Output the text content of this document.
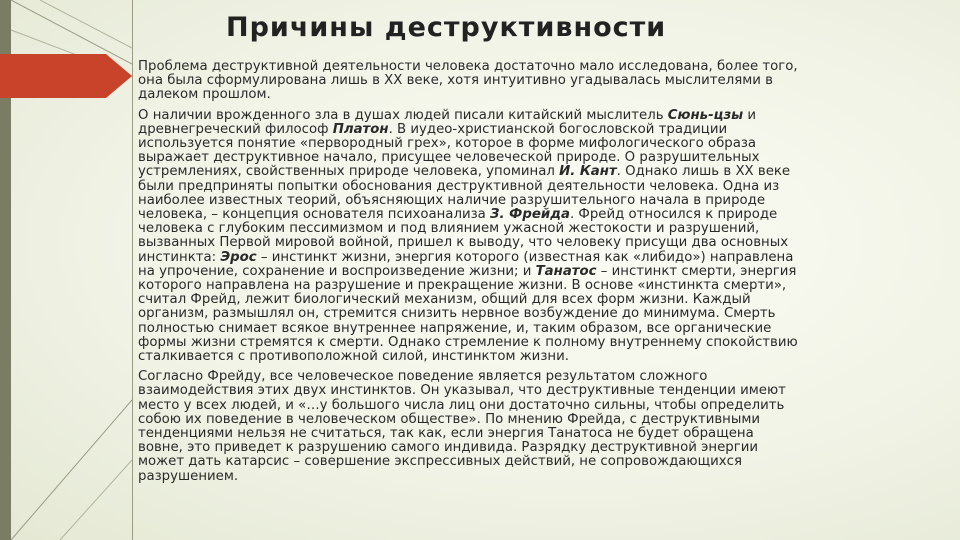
Причины деструктивности

Проблема деструктивной деятельности человека достаточно мало исследована, более того, она была сформулирована лишь в XX веке, хотя интуитивно угадывалась мыслителями в далеком прошлом.

О наличии врожденного зла в душах людей писали китайский мыслитель Сюнь-цзы и древнегреческий философ Платон. В иудео-христианской богословской традиции используется понятие «первородный грех», которое в форме мифологического образа выражает деструктивное начало, присущее человеческой природе. О разрушительных устремлениях, свойственных природе человека, упоминал И. Кант. Однако лишь в XX веке были предприняты попытки обоснования деструктивной деятельности человека. Одна из наиболее известных теорий, объясняющих наличие разрушительного начала в природе человека, – концепция основателя психоанализа З. Фрейда. Фрейд относился к природе человека с глубоким пессимизмом и под влиянием ужасной жестокости и разрушений, вызванных Первой мировой войной, пришел к выводу, что человеку присущи два основных инстинкта: Эрос – инстинкт жизни, энергия которого (известная как «либидо») направлена на упрочение, сохранение и воспроизведение жизни; и Танатос – инстинкт смерти, энергия которого направлена на разрушение и прекращение жизни. В основе «инстинкта смерти», считал Фрейд, лежит биологический механизм, общий для всех форм жизни. Каждый организм, размышлял он, стремится снизить нервное возбуждение до минимума. Смерть полностью снимает всякое внутреннее напряжение, и, таким образом, все органические формы жизни стремятся к смерти. Однако стремление к полному внутреннему спокойствию сталкивается с противоположной силой, инстинктом жизни.

Согласно Фрейду, все человеческое поведение является результатом сложного взаимодействия этих двух инстинктов. Он указывал, что деструктивные тенденции имеют место у всех людей, и «…у большого числа лиц они достаточно сильны, чтобы определить собою их поведение в человеческом обществе». По мнению Фрейда, с деструктивными тенденциями нельзя не считаться, так как, если энергия Танатоса не будет обращена вовне, это приведет к разрушению самого индивида. Разрядку деструктивной энергии может дать катарсис – совершение экспрессивных действий, не сопровождающихся разрушением.
